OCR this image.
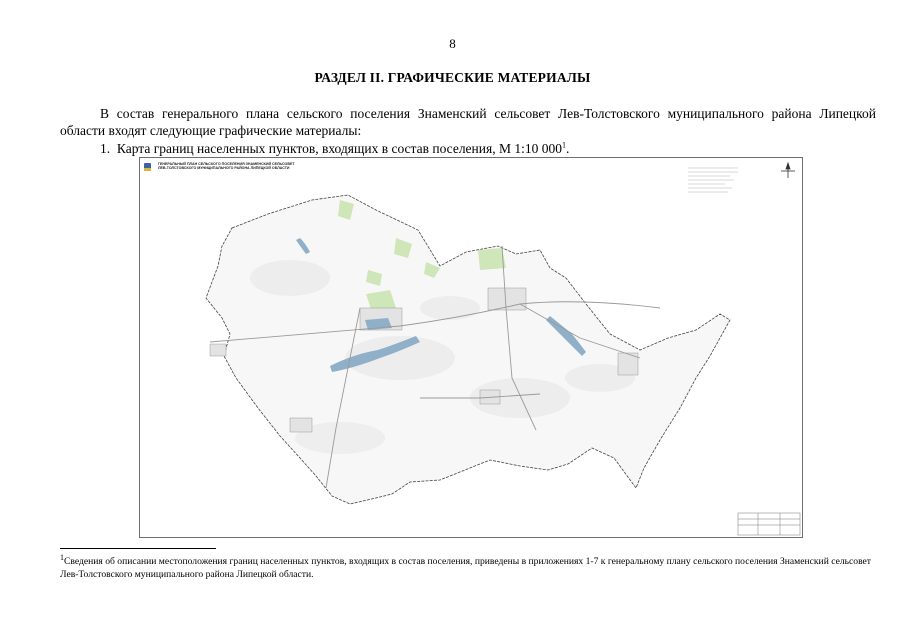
8
РАЗДЕЛ II. ГРАФИЧЕСКИЕ МАТЕРИАЛЫ

В состав генерального плана сельского поселения Знаменский сельсовет Лев-Толстовского муниципального района Липецкой области входят следующие графические материалы:

1. Карта границ населенных пунктов, входящих в состав поселения, М 1:10 $000^1$.
ГЕНЕРАЛЬНЫЙ ПЛАН СЕЛЬСКОГО ПОСЕЛЕНИЯ ЗНАМЕНСКИЙ СЕЛЬСОВЕТ
ЛЕВ-ТОЛСТОВСКОГО МУНИЦИПАЛЬНОГО РАЙОНА ЛИПЕЦКОЙ ОБЛАСТИ

$^1$Сведения об описании местоположения границ населенных пунктов, входящих в состав поселения, приведены в приложениях 1-7 к генеральному плану сельского поселения Знаменский сельсовет Лев-Толстовского муниципального района Липецкой области.
